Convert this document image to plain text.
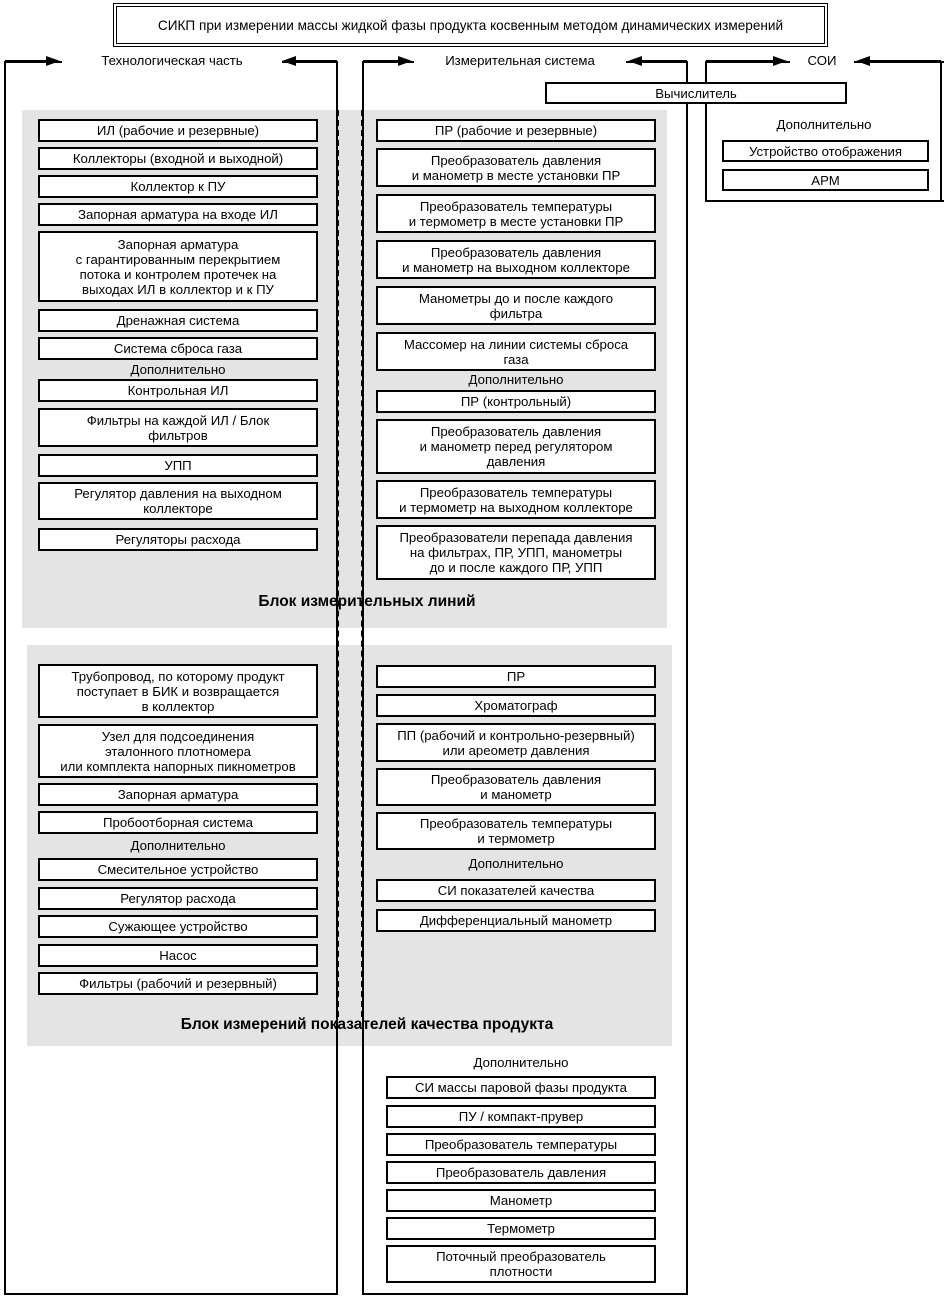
СИКП при измерении массы жидкой фазы продукта косвенным методом динамических измерений
Технологическая часть	Измерительная система	СОИ
Вычислитель
Дополнительно
Устройство отображения
АРМ
ИЛ (рабочие и резервные)
Коллекторы (входной и выходной)
Коллектор к ПУ
Запорная арматура на входе ИЛ
Запорная арматура
с гарантированным перекрытием
потока и контролем протечек на
выходах ИЛ в коллектор и к ПУ
Дренажная система
Система сброса газа
Дополнительно
Контрольная ИЛ
Фильтры на каждой ИЛ / Блок
фильтров
УПП
Регулятор давления на выходном
коллекторе
Регуляторы расхода
ПР (рабочие и резервные)
Преобразователь давления
и манометр в месте установки ПР
Преобразователь температуры
и термометр в месте установки ПР
Преобразователь давления
и манометр на выходном коллекторе
Манометры до и после каждого
фильтра
Массомер на линии системы сброса
газа
Дополнительно
ПР (контрольный)
Преобразователь давления
и манометр перед регулятором
давления
Преобразователь температуры
и термометр на выходном коллекторе
Преобразователи перепада давления
на фильтрах, ПР, УПП, манометры
до и после каждого ПР, УПП
Блок измерительных линий
Трубопровод, по которому продукт
поступает в БИК и возвращается
в коллектор
Узел для подсоединения
эталонного плотномера
или комплекта напорных пикнометров
Запорная арматура
Пробоотборная система
Дополнительно
Смесительное устройство
Регулятор расхода
Сужающее устройство
Насос
Фильтры (рабочий и резервный)
ПР
Хроматограф
ПП (рабочий и контрольно-резервный)
или ареометр давления
Преобразователь давления
и манометр
Преобразователь температуры
и термометр
Дополнительно
СИ показателей качества
Дифференциальный манометр
Блок измерений показателей качества продукта
Дополнительно
СИ массы паровой фазы продукта
ПУ / компакт-прувер
Преобразователь температуры
Преобразователь давления
Манометр
Термометр
Поточный преобразователь
плотности
